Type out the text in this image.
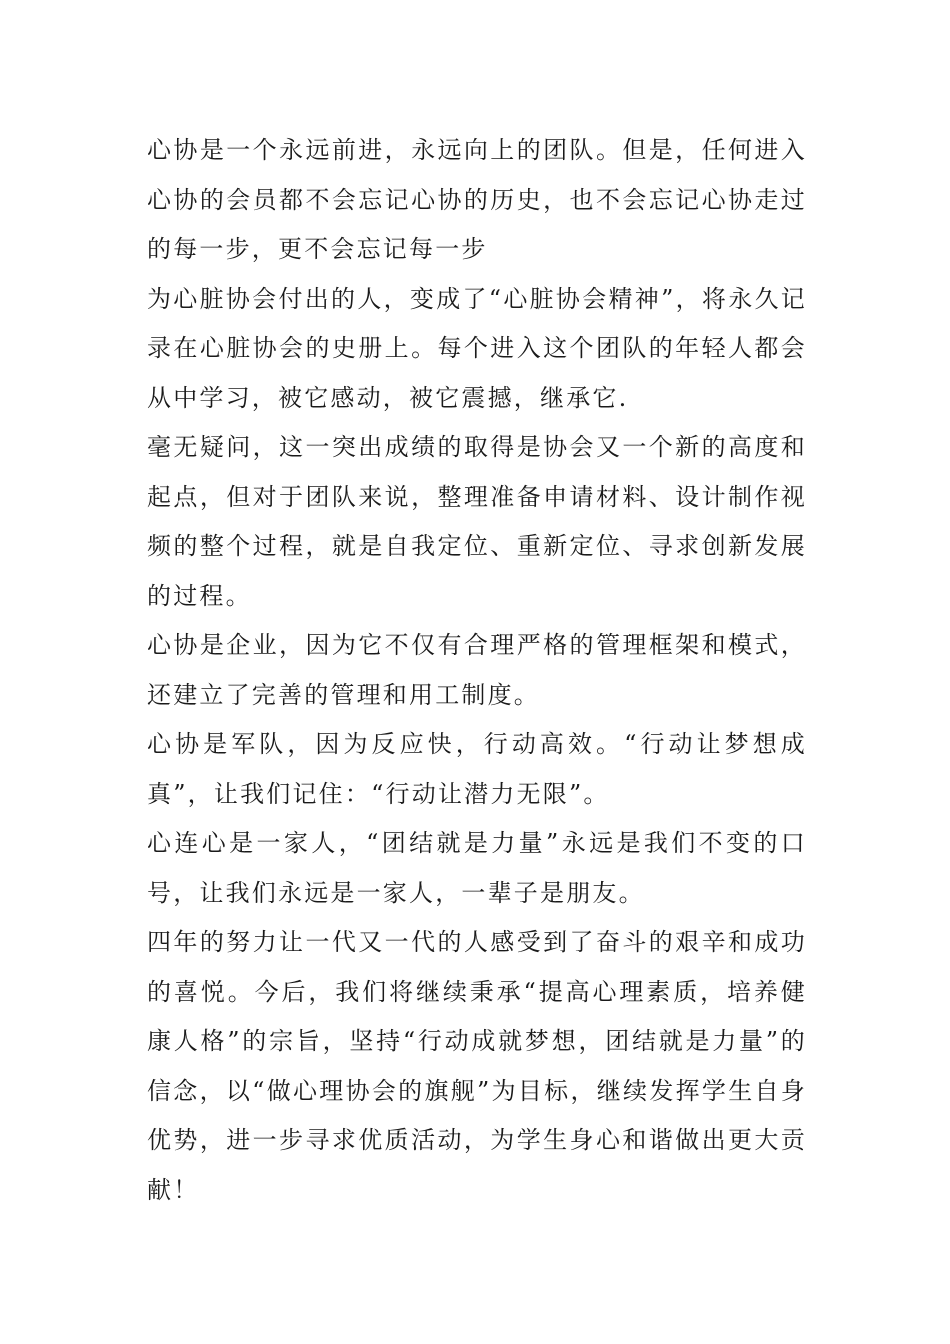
心协是一个永远前进，永远向上的团队。但是，任何进入心协的会员都不会忘记心协的历史，也不会忘记心协走过的每一步，更不会忘记每一步

为心脏协会付出的人，变成了“心脏协会精神”，将永久记录在心脏协会的史册上。每个进入这个团队的年轻人都会从中学习，被它感动，被它震撼，继承它.

毫无疑问，这一突出成绩的取得是协会又一个新的高度和起点，但对于团队来说，整理准备申请材料、设计制作视频的整个过程，就是自我定位、重新定位、寻求创新发展的过程。

心协是企业，因为它不仅有合理严格的管理框架和模式，还建立了完善的管理和用工制度。

心协是军队，因为反应快，行动高效。“行动让梦想成真”，让我们记住：“行动让潜力无限”。

心连心是一家人，“团结就是力量”永远是我们不变的口号，让我们永远是一家人，一辈子是朋友。

四年的努力让一代又一代的人感受到了奋斗的艰辛和成功的喜悦。今后，我们将继续秉承“提高心理素质，培养健康人格”的宗旨，坚持“行动成就梦想，团结就是力量”的信念，以“做心理协会的旗舰”为目标，继续发挥学生自身优势，进一步寻求优质活动，为学生身心和谐做出更大贡献！
